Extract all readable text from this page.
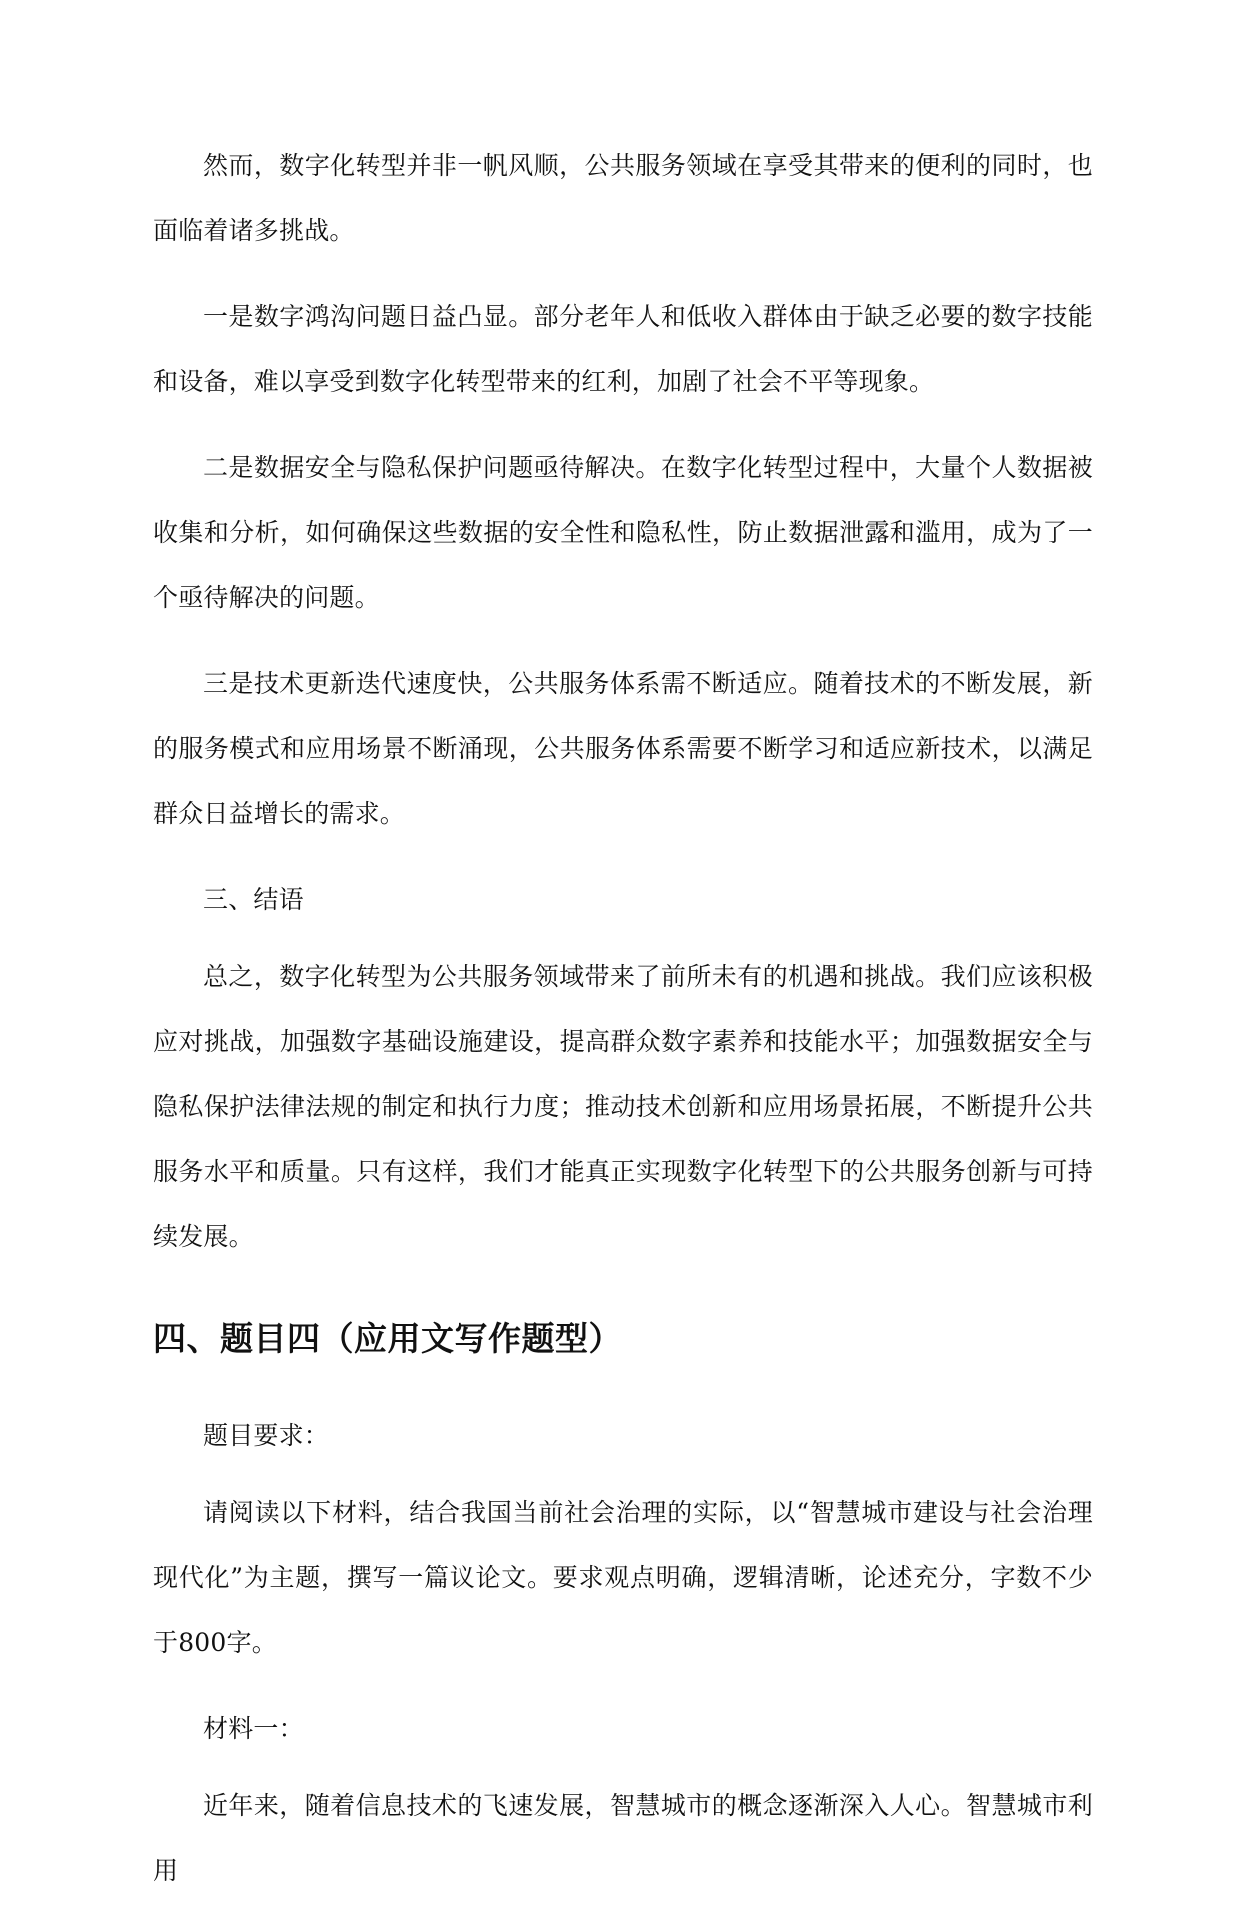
然而，数字化转型并非一帆风顺，公共服务领域在享受其带来的便利的同时，也面临着诸多挑战。

一是数字鸿沟问题日益凸显。部分老年人和低收入群体由于缺乏必要的数字技能和设备，难以享受到数字化转型带来的红利，加剧了社会不平等现象。

二是数据安全与隐私保护问题亟待解决。在数字化转型过程中，大量个人数据被收集和分析，如何确保这些数据的安全性和隐私性，防止数据泄露和滥用，成为了一个亟待解决的问题。

三是技术更新迭代速度快，公共服务体系需不断适应。随着技术的不断发展，新的服务模式和应用场景不断涌现，公共服务体系需要不断学习和适应新技术，以满足群众日益增长的需求。

三、结语

总之，数字化转型为公共服务领域带来了前所未有的机遇和挑战。我们应该积极应对挑战，加强数字基础设施建设，提高群众数字素养和技能水平；加强数据安全与隐私保护法律法规的制定和执行力度；推动技术创新和应用场景拓展，不断提升公共服务水平和质量。只有这样，我们才能真正实现数字化转型下的公共服务创新与可持续发展。

四、题目四（应用文写作题型）

题目要求：

请阅读以下材料，结合我国当前社会治理的实际，以“智慧城市建设与社会治理现代化”为主题，撰写一篇议论文。要求观点明确，逻辑清晰，论述充分，字数不少于800字。

材料一：

近年来，随着信息技术的飞速发展，智慧城市的概念逐渐深入人心。智慧城市利用
